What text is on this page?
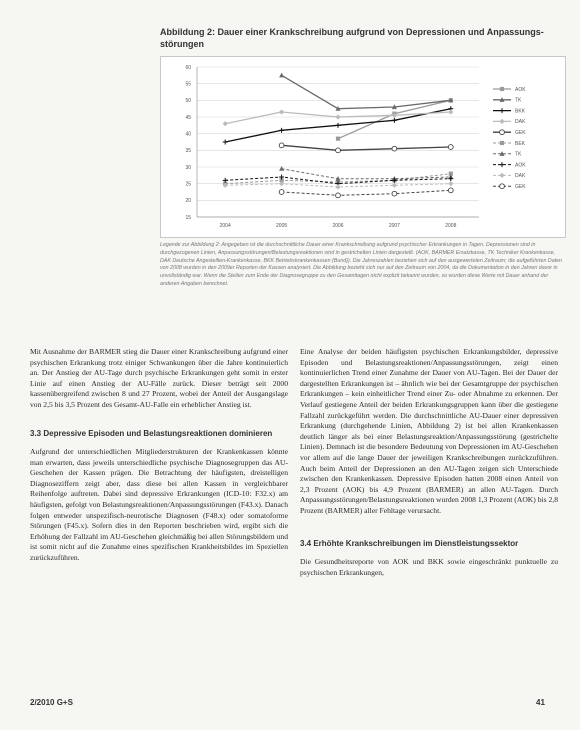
Abbildung 2: Dauer einer Krankschreibung aufgrund von Depressionen und Anpassungs-störungen
15
20
25
30
35
40
45
50
55
60
2004	2005	2006	2007	2008
AOK
TK
BKK
DAK
GEK
BEK
TK
AOK
DAK
GEK
Legende zur Abbildung 2: Angegeben ist die durchschnittliche Dauer einer Krankschreibung aufgrund psychischer Erkrankungen in Tagen. Depressionen sind in durchgezogenen Linien, Anpassungsstörungen/Belastungsreaktionen sind in gestrichelten Linien dargestellt. (AOK, BARMER Ersatzkasse, TK Techniker Krankenkasse, DAK Deutsche Angestellten-Krankenkasse, BKK Betriebskrankenkassen (Bund)). Die Jahreszahlen beziehen sich auf den ausgewerteten Zeitraum; die aufgeführten Daten von 2008 wurden in den 2009er Reporten der Kassen analysiert. Die Abbildung bezieht sich nur auf den Zeitraum von 2004, da die Dokumentation in den Jahren davor in unvollständig war. Wenn die Stellen zum Ende der Diagnosegruppe zu den Gesamttagen nicht explizit bekannt wurden, so wurden diese Werte mit Dauer anhand der anderen Angaben berechnet.

Mit Ausnahme der BARMER stieg die Dauer einer Krankschreibung aufgrund einer psychischen Erkrankung trotz einiger Schwankungen über die Jahre kontinuierlich an. Der Anstieg der AU-Tage durch psychische Erkrankungen geht somit in erster Linie auf einen Anstieg der AU-Fälle zurück. Dieser beträgt seit 2000 kassenübergreifend zwischen 8 und 27 Prozent, wobei der Anteil der Ausgangslage von 2,5 bis 3,5 Prozent des Gesamt-AU-Falle ein erheblicher Anstieg ist.

3.3 Depressive Episoden und Belastungsreaktionen dominieren

Aufgrund der unterschiedlichen Mitgliederstrukturen der Krankenkassen könnte man erwarten, dass jeweils unterschiedliche psychische Diagnosegruppen das AU-Geschehen der Kassen prägen. Die Betrachtung der häufigsten, dreistelligen Diagnoseziffern zeigt aber, dass diese bei allen Kassen in vergleichbarer Reihenfolge auftreten. Dabei sind depressive Erkrankungen (ICD-10: F32.x) am häufigsten, gefolgt von Belastungsreaktionen/Anpassungsstörungen (F43.x). Danach folgen entweder unspezifisch-neurotische Diagnosen (F48.x) oder somatoforme Störungen (F45.x). Sofern dies in den Reporten beschrieben wird, ergibt sich die Erhöhung der Fallzahl im AU-Geschehen gleichmäßig bei allen Störungsbildern und ist somit nicht auf die Zunahme eines spezifischen Krankheitsbildes im Speziellen zurückzuführen.

Eine Analyse der beiden häufigsten psychischen Erkrankungsbilder, depressive Episoden und Belastungsreaktionen/Anpassungsstörungen, zeigt einen kontinuierlichen Trend einer Zunahme der Dauer von AU-Tagen. Bei der Dauer der dargestellten Erkrankungen ist – ähnlich wie bei der Gesamtgruppe der psychischen Erkrankungen – kein einheitlicher Trend einer Zu- oder Abnahme zu erkennen. Der Verlauf gestiegene Anteil der beiden Erkrankungsgruppen kann über die gestiegene Fallzahl zurückgeführt werden. Die durchschnittliche AU-Dauer einer depressiven Erkrankung (durchgehende Linien, Abbildung 2) ist bei allen Krankenkassen deutlich länger als bei einer Belastungsreaktion/Anpassungsstörung (gestrichelte Linien). Demnach ist die besondere Bedeutung von Depressionen im AU-Geschehen vor allem auf die lange Dauer der jeweiligen Krankschreibungen zurückzuführen. Auch beim Anteil der Depressionen an den AU-Tagen zeigen sich Unterschiede zwischen den Krankenkassen. Depressive Episoden hatten 2008 einen Anteil von 2,3 Prozent (AOK) bis 4,9 Prozent (BARMER) an allen AU-Tagen. Durch Anpassungsstörungen/Belastungsreaktionen wurden 2008 1,3 Prozent (AOK) bis 2,8 Prozent (BARMER) aller Fehltage verursacht.

3.4 Erhöhte Krankschreibungen im Dienstleistungssektor

Die Gesundheitsreporte von AOK und BKK sowie eingeschränkt punktuelle zu psychischen Erkrankungen,

2/2010 G+S	41
